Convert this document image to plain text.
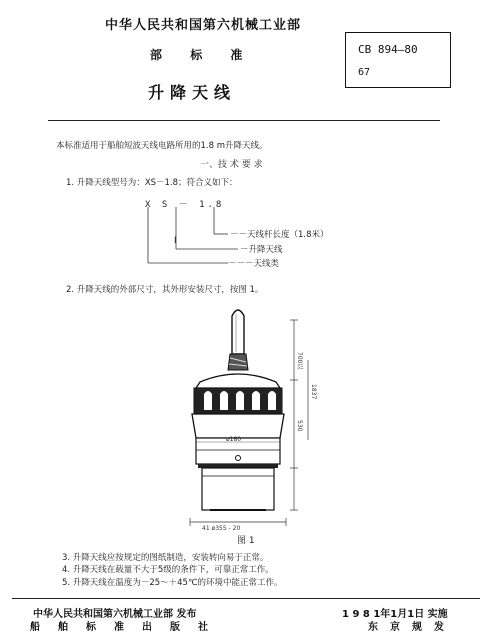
中华人民共和国第六机械工业部
部 标 准
升降天线
CB 894—80
67
本标准适用于船舶短波天线电路所用的1.8 m升降天线。
一、技 术 要 求
1. 升降天线型号为：XS－1.8；符合义如下：
X S － 1.8
I
－－天线杆长度（1.8米）
－升降天线
－－－天线类
2. 升降天线的外部尺寸，其外形安装尺寸，按图 1。
700以
1837
530
ø180
41 ø355 - 20
图 1
3. 升降天线应按规定的图纸制造，安装转向易于正常。
4. 升降天线在载量不大于5级的条件下，可靠正常工作。
5. 升降天线在温度为－25～＋45℃的环境中能正常工作。
中华人民共和国第六机械工业部 发布	1 9 8 1年1月1日 实施
船舶标准出版社	东京规发
